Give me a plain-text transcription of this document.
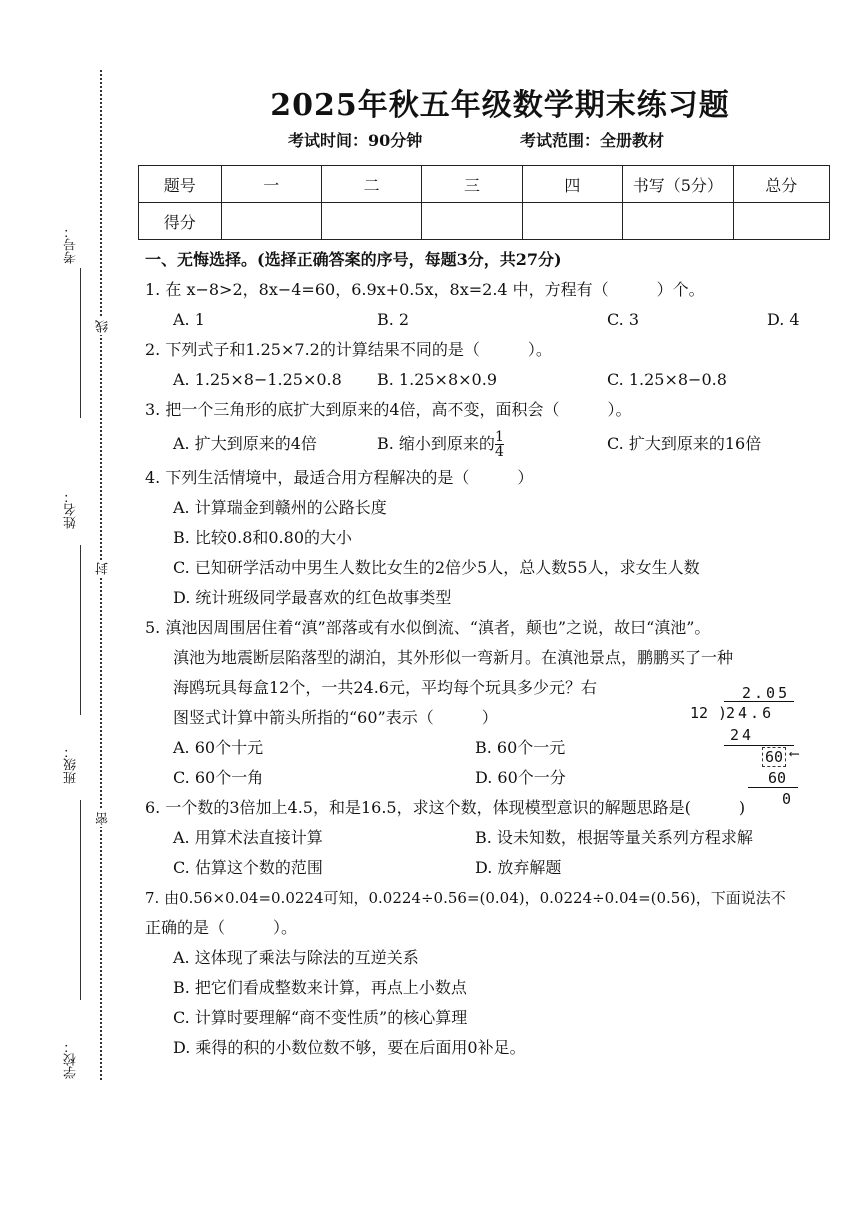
考号：
姓名：
班级：
学校：
线
封
密
2025年秋五年级数学期末练习题
考试时间：90分钟	考试范围：全册教材
题号	一	二	三	四	书写（5分）	总分
得分						
一、无悔选择。(选择正确答案的序号，每题3分，共27分)
1. 在 x−8>2，8x−4=60，6.9x+0.5x，8x=2.4 中，方程有（　　　）个。
A. 1	B. 2	C. 3	D. 4
2. 下列式子和1.25×7.2的计算结果不同的是（　　　）。
A. 1.25×8−1.25×0.8 B. 1.25×8×0.9	C. 1.25×8−0.8
3. 把一个三角形的底扩大到原来的4倍，高不变，面积会（　　　）。
A. 扩大到原来的4倍	B. 缩小到原来的 $\frac{1}{4}$	C. 扩大到原来的16倍
4. 下列生活情境中，最适合用方程解决的是（　　　）
A. 计算瑞金到赣州的公路长度
B. 比较0.8和0.80的大小
C. 已知研学活动中男生人数比女生的2倍少5人，总人数55人，求女生人数
D. 统计班级同学最喜欢的红色故事类型
5. 滇池因周围居住着“滇”部落或有水似倒流、“滇者，颠也”之说，故曰“滇池”。
滇池为地震断层陷落型的湖泊，其外形似一弯新月。在滇池景点，鹏鹏买了一种
海鸥玩具每盒12个，一共24.6元，平均每个玩具多少元？右
图竖式计算中箭头所指的“60”表示（　　　）
A. 60个十元	B. 60个一元
C. 60个一角	D. 60个一分
6. 一个数的3倍加上4.5，和是16.5，求这个数，体现模型意识的解题思路是(　　　)
A. 用算术法直接计算	B. 设未知数，根据等量关系列方程求解
C. 估算这个数的范围	D. 放弃解题
7. 由0.56×0.04=0.0224可知，0.0224÷0.56=(0.04)，0.0224÷0.04=(0.56)，下面说法不
正确的是（　　　）。
A. 这体现了乘法与除法的互逆关系
B. 把它们看成整数来计算，再点上小数点
C. 计算时要理解“商不变性质”的核心算理
D. 乘得的积的小数位数不够，要在后面用0补足。
2.05
12 24.6
)
24
60 ⟵
60
0
